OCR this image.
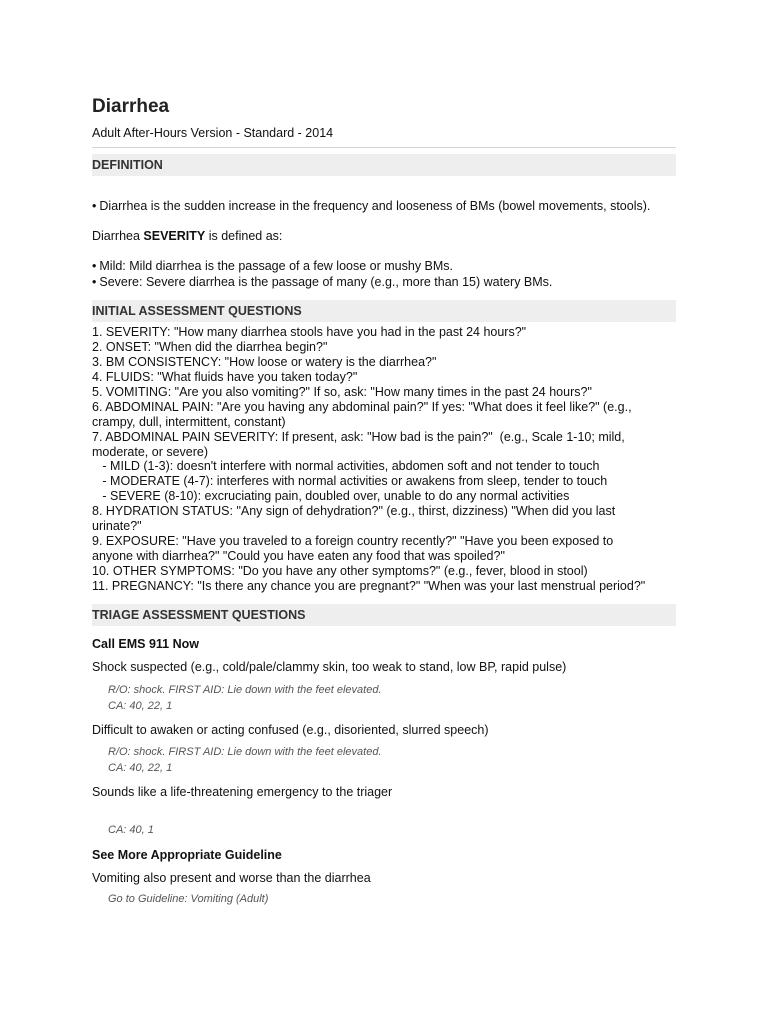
Diarrhea
Adult After-Hours Version - Standard - 2014
DEFINITION
• Diarrhea is the sudden increase in the frequency and looseness of BMs (bowel movements, stools).
Diarrhea SEVERITY is defined as:
• Mild: Mild diarrhea is the passage of a few loose or mushy BMs.
• Severe: Severe diarrhea is the passage of many (e.g., more than 15) watery BMs.
INITIAL ASSESSMENT QUESTIONS
1. SEVERITY: "How many diarrhea stools have you had in the past 24 hours?"
2. ONSET: "When did the diarrhea begin?"
3. BM CONSISTENCY: "How loose or watery is the diarrhea?"
4. FLUIDS: "What fluids have you taken today?"
5. VOMITING: "Are you also vomiting?" If so, ask: "How many times in the past 24 hours?"
6. ABDOMINAL PAIN: "Are you having any abdominal pain?" If yes: "What does it feel like?" (e.g.,
crampy, dull, intermittent, constant)
7. ABDOMINAL PAIN SEVERITY: If present, ask: "How bad is the pain?"  (e.g., Scale 1-10; mild,
moderate, or severe)
- MILD (1-3): doesn't interfere with normal activities, abdomen soft and not tender to touch
- MODERATE (4-7): interferes with normal activities or awakens from sleep, tender to touch
- SEVERE (8-10): excruciating pain, doubled over, unable to do any normal activities
8. HYDRATION STATUS: "Any sign of dehydration?" (e.g., thirst, dizziness) "When did you last
urinate?"
9. EXPOSURE: "Have you traveled to a foreign country recently?" "Have you been exposed to
anyone with diarrhea?" "Could you have eaten any food that was spoiled?"
10. OTHER SYMPTOMS: "Do you have any other symptoms?" (e.g., fever, blood in stool)
11. PREGNANCY: "Is there any chance you are pregnant?" "When was your last menstrual period?"
TRIAGE ASSESSMENT QUESTIONS
Call EMS 911 Now
Shock suspected (e.g., cold/pale/clammy skin, too weak to stand, low BP, rapid pulse)
R/O: shock. FIRST AID: Lie down with the feet elevated.
CA: 40, 22, 1
Difficult to awaken or acting confused (e.g., disoriented, slurred speech)
R/O: shock. FIRST AID: Lie down with the feet elevated.
CA: 40, 22, 1
Sounds like a life-threatening emergency to the triager
CA: 40, 1
See More Appropriate Guideline
Vomiting also present and worse than the diarrhea
Go to Guideline: Vomiting (Adult)
